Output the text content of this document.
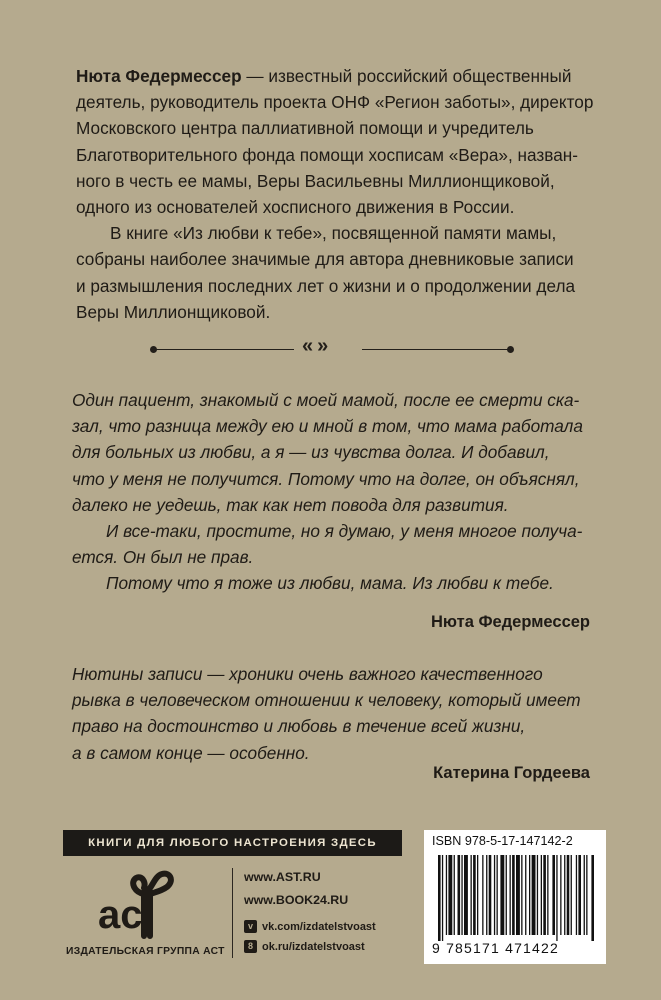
Нюта Федермессер — известный российский общественный
деятель, руководитель проекта ОНФ «Регион заботы», директор
Московского центра паллиативной помощи и учредитель
Благотворительного фонда помощи хосписам «Вера», назван-
ного в честь ее мамы, Веры Васильевны Миллионщиковой,
одного из основателей хосписного движения в России.
В книге «Из любви к тебе», посвященной памяти мамы,
собраны наиболее значимые для автора дневниковые записи
и размышления последних лет о жизни и о продолжении дела
Веры Миллионщиковой.

«»

Один пациент, знакомый с моей мамой, после ее смерти ска-
зал, что разница между ею и мной в том, что мама работала
для больных из любви, а я — из чувства долга. И добавил,
что у меня не получится. Потому что на долге, он объяснял,
далеко не уедешь, так как нет повода для развития.
И все-таки, простите, но я думаю, у меня многое получа-
ется. Он был не прав.
Потому что я тоже из любви, мама. Из любви к тебе.

Нюта Федермессер

Нютины записи — хроники очень важного качественного
рывка в человеческом отношении к человеку, который имеет
право на достоинство и любовь в течение всей жизни,
а в самом конце — особенно.

Катерина Гордеева
КНИГИ ДЛЯ ЛЮБОГО НАСТРОЕНИЯ ЗДЕСЬ
ас
ИЗДАТЕЛЬСКАЯ ГРУППА АСТ
www.AST.RU
www.BOOK24.RU
v vk.com/izdatelstvoast
8 ok.ru/izdatelstvoast
ISBN 978-5-17-147142-2
9 785171 471422
